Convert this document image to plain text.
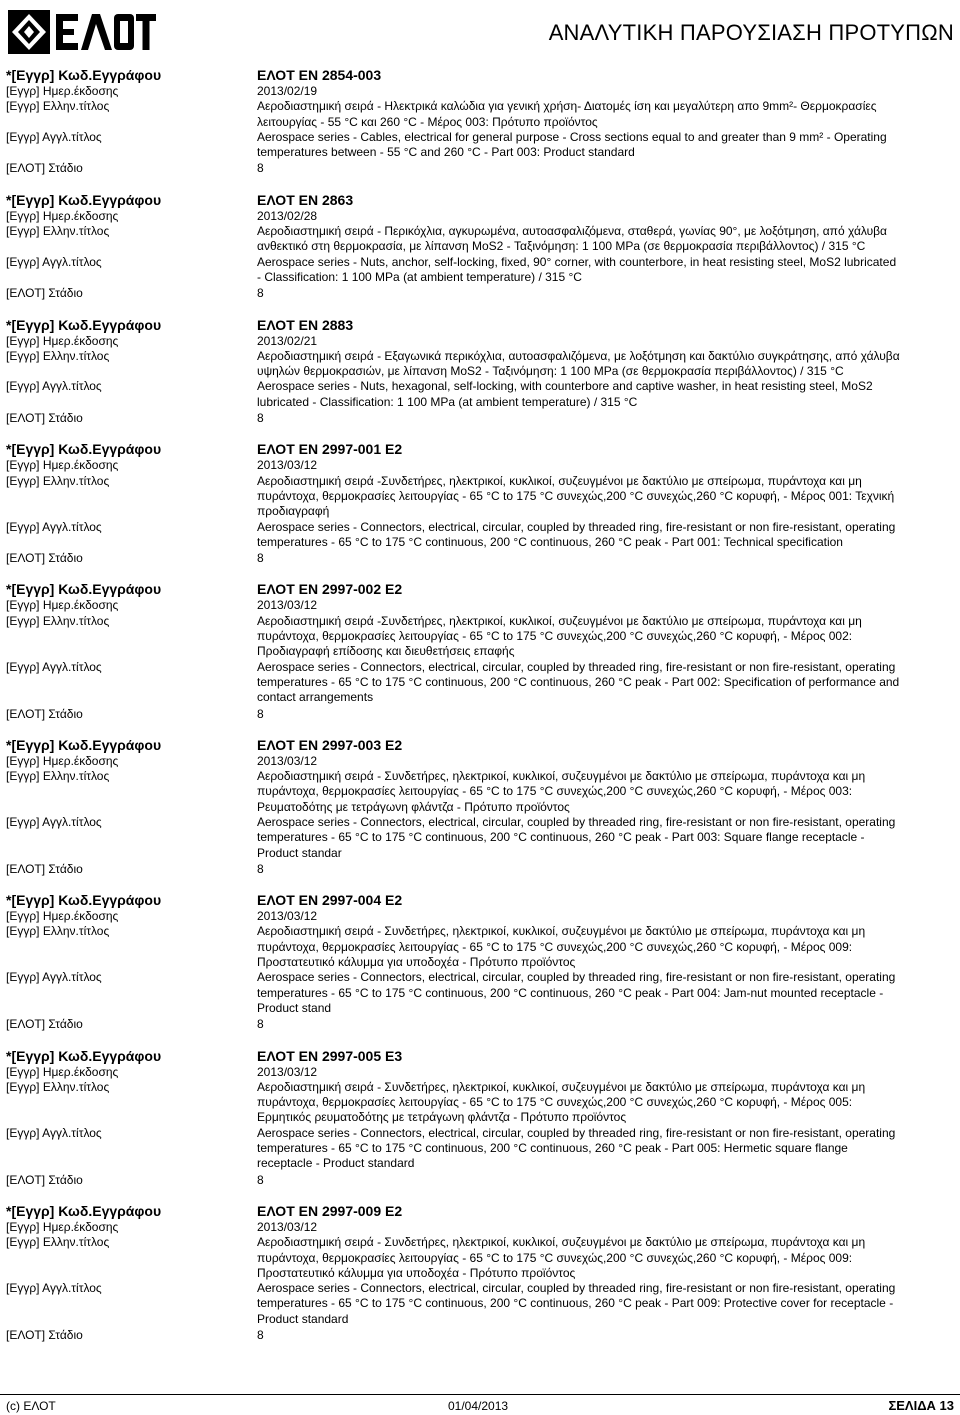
ΑΝΑΛΥΤΙΚΗ ΠΑΡΟΥΣΙΑΣΗ ΠΡΟΤΥΠΩΝ
*[Εγγρ] Κωδ.Εγγράφου	ΕΛΟΤ EN 2854-003
[Εγγρ] Ημερ.έκδοσης	2013/02/19
[Εγγρ] Ελλην.τίτλος	Αεροδιαστημική σειρά - Ηλεκτρικά καλώδια για γενική χρήση- Διατομές ίση και μεγαλύτερη απο 9mm²- Θερμοκρασίες λειτουργίας - 55 °C και 260 °C - Μέρος 003: Πρότυπο προϊόντος
[Εγγρ] Αγγλ.τίτλος	Aerospace series - Cables, electrical for general purpose - Cross sections equal to and greater than 9 mm² - Operating temperatures between - 55 °C and 260 °C - Part 003: Product standard
[ΕΛΟΤ] Στάδιο	8
*[Εγγρ] Κωδ.Εγγράφου	ΕΛΟΤ EN 2863
[Εγγρ] Ημερ.έκδοσης	2013/02/28
[Εγγρ] Ελλην.τίτλος	Αεροδιαστημική σειρά - Περικόχλια, αγκυρωμένα, αυτοασφαλιζόμενα, σταθερά, γωνίας 90°, με λοξότμηση, από χάλυβα ανθεκτικό στη θερμοκρασία, με λίπανση MoS2 - Ταξινόμηση: 1 100 MPa (σε θερμοκρασία περιβάλλοντος) / 315 °C
[Εγγρ] Αγγλ.τίτλος	Aerospace series - Nuts, anchor, self-locking, fixed, 90° corner, with counterbore, in heat resisting steel, MoS2 lubricated - Classification: 1 100 MPa (at ambient temperature) / 315 °C
[ΕΛΟΤ] Στάδιο	8
*[Εγγρ] Κωδ.Εγγράφου	ΕΛΟΤ EN 2883
[Εγγρ] Ημερ.έκδοσης	2013/02/21
[Εγγρ] Ελλην.τίτλος	Αεροδιαστημική σειρά - Εξαγωνικά περικόχλια, αυτοασφαλιζόμενα, με λοξότμηση και δακτύλιο συγκράτησης, από χάλυβα υψηλών θερμοκρασιών, με λίπανση MoS2 - Ταξινόμηση: 1 100 MPa (σε θερμοκρασία περιβάλλοντος) / 315 °C
[Εγγρ] Αγγλ.τίτλος	Aerospace series - Nuts, hexagonal, self-locking, with counterbore and captive washer, in heat resisting steel, MoS2 lubricated - Classification: 1 100 MPa (at ambient temperature) / 315 °C
[ΕΛΟΤ] Στάδιο	8
*[Εγγρ] Κωδ.Εγγράφου	ΕΛΟΤ EN 2997-001 E2
[Εγγρ] Ημερ.έκδοσης	2013/03/12
[Εγγρ] Ελλην.τίτλος	Αεροδιαστημική σειρά -Συνδετήρες, ηλεκτρικοί, κυκλικοί, συζευγμένοι με δακτύλιο με σπείρωμα, πυράντοχα και μη πυράντοχα, θερμοκρασίες λειτουργίας - 65 °C to 175 °C συνεχώς,200 °C συνεχώς,260 °C κορυφή, - Μέρος 001: Τεχνική προδιαγραφή
[Εγγρ] Αγγλ.τίτλος	Aerospace series - Connectors, electrical, circular, coupled by threaded ring, fire-resistant or non fire-resistant, operating temperatures - 65 °C to 175 °C continuous, 200 °C continuous, 260 °C peak - Part 001: Technical specification
[ΕΛΟΤ] Στάδιο	8
*[Εγγρ] Κωδ.Εγγράφου	ΕΛΟΤ EN 2997-002 E2
[Εγγρ] Ημερ.έκδοσης	2013/03/12
[Εγγρ] Ελλην.τίτλος	Αεροδιαστημική σειρά -Συνδετήρες, ηλεκτρικοί, κυκλικοί, συζευγμένοι με δακτύλιο με σπείρωμα, πυράντοχα και μη πυράντοχα, θερμοκρασίες λειτουργίας - 65 °C to 175 °C συνεχώς,200 °C συνεχώς,260 °C κορυφή, - Μέρος 002: Προδιαγραφή επίδοσης και διευθετήσεις επαφής
[Εγγρ] Αγγλ.τίτλος	Aerospace series - Connectors, electrical, circular, coupled by threaded ring, fire-resistant or non fire-resistant, operating temperatures - 65 °C to 175 °C continuous, 200 °C continuous, 260 °C peak - Part 002: Specification of performance and contact arrangements
[ΕΛΟΤ] Στάδιο	8
*[Εγγρ] Κωδ.Εγγράφου	ΕΛΟΤ EN 2997-003 E2
[Εγγρ] Ημερ.έκδοσης	2013/03/12
[Εγγρ] Ελλην.τίτλος	Αεροδιαστημική σειρά - Συνδετήρες, ηλεκτρικοί, κυκλικοί, συζευγμένοι με δακτύλιο με σπείρωμα, πυράντοχα και μη πυράντοχα, θερμοκρασίες λειτουργίας - 65 °C to 175 °C συνεχώς,200 °C συνεχώς,260 °C κορυφή, - Μέρος 003: Ρευματοδότης με τετράγωνη φλάντζα - Πρότυπο προϊόντος
[Εγγρ] Αγγλ.τίτλος	Aerospace series - Connectors, electrical, circular, coupled by threaded ring, fire-resistant or non fire-resistant, operating temperatures - 65 °C to 175 °C continuous, 200 °C continuous, 260 °C peak - Part 003: Square flange receptacle - Product standar
[ΕΛΟΤ] Στάδιο	8
*[Εγγρ] Κωδ.Εγγράφου	ΕΛΟΤ EN 2997-004 E2
[Εγγρ] Ημερ.έκδοσης	2013/03/12
[Εγγρ] Ελλην.τίτλος	Αεροδιαστημική σειρά - Συνδετήρες, ηλεκτρικοί, κυκλικοί, συζευγμένοι με δακτύλιο με σπείρωμα, πυράντοχα και μη πυράντοχα, θερμοκρασίες λειτουργίας - 65 °C to 175 °C συνεχώς,200 °C συνεχώς,260 °C κορυφή, - Μέρος 009: Προστατευτικό κάλυμμα για υποδοχέα - Πρότυπο προϊόντος
[Εγγρ] Αγγλ.τίτλος	Aerospace series - Connectors, electrical, circular, coupled by threaded ring, fire-resistant or non fire-resistant, operating temperatures - 65 °C to 175 °C continuous, 200 °C continuous, 260 °C peak - Part 004: Jam-nut mounted receptacle - Product stand
[ΕΛΟΤ] Στάδιο	8
*[Εγγρ] Κωδ.Εγγράφου	ΕΛΟΤ EN 2997-005 E3
[Εγγρ] Ημερ.έκδοσης	2013/03/12
[Εγγρ] Ελλην.τίτλος	Αεροδιαστημική σειρά - Συνδετήρες, ηλεκτρικοί, κυκλικοί, συζευγμένοι με δακτύλιο με σπείρωμα, πυράντοχα και μη πυράντοχα, θερμοκρασίες λειτουργίας - 65 °C to 175 °C συνεχώς,200 °C συνεχώς,260 °C κορυφή, - Μέρος 005: Ερμητικός ρευματοδότης με τετράγωνη φλάντζα - Πρότυπο προϊόντος
[Εγγρ] Αγγλ.τίτλος	Aerospace series - Connectors, electrical, circular, coupled by threaded ring, fire-resistant or non fire-resistant, operating temperatures - 65 °C to 175 °C continuous, 200 °C continuous, 260 °C peak - Part 005: Hermetic square flange receptacle - Product standard
[ΕΛΟΤ] Στάδιο	8
*[Εγγρ] Κωδ.Εγγράφου	ΕΛΟΤ EN 2997-009 E2
[Εγγρ] Ημερ.έκδοσης	2013/03/12
[Εγγρ] Ελλην.τίτλος	Αεροδιαστημική σειρά - Συνδετήρες, ηλεκτρικοί, κυκλικοί, συζευγμένοι με δακτύλιο με σπείρωμα, πυράντοχα και μη πυράντοχα, θερμοκρασίες λειτουργίας - 65 °C to 175 °C συνεχώς,200 °C συνεχώς,260 °C κορυφή, - Μέρος 009: Προστατευτικό κάλυμμα για υποδοχέα - Πρότυπο προϊόντος
[Εγγρ] Αγγλ.τίτλος	Aerospace series - Connectors, electrical, circular, coupled by threaded ring, fire-resistant or non fire-resistant, operating temperatures - 65 °C to 175 °C continuous, 200 °C continuous, 260 °C peak - Part 009: Protective cover for receptacle - Product standard
[ΕΛΟΤ] Στάδιο	8
(c) ΕΛΟΤ	01/04/2013	ΣΕΛΙΔΑ 13
